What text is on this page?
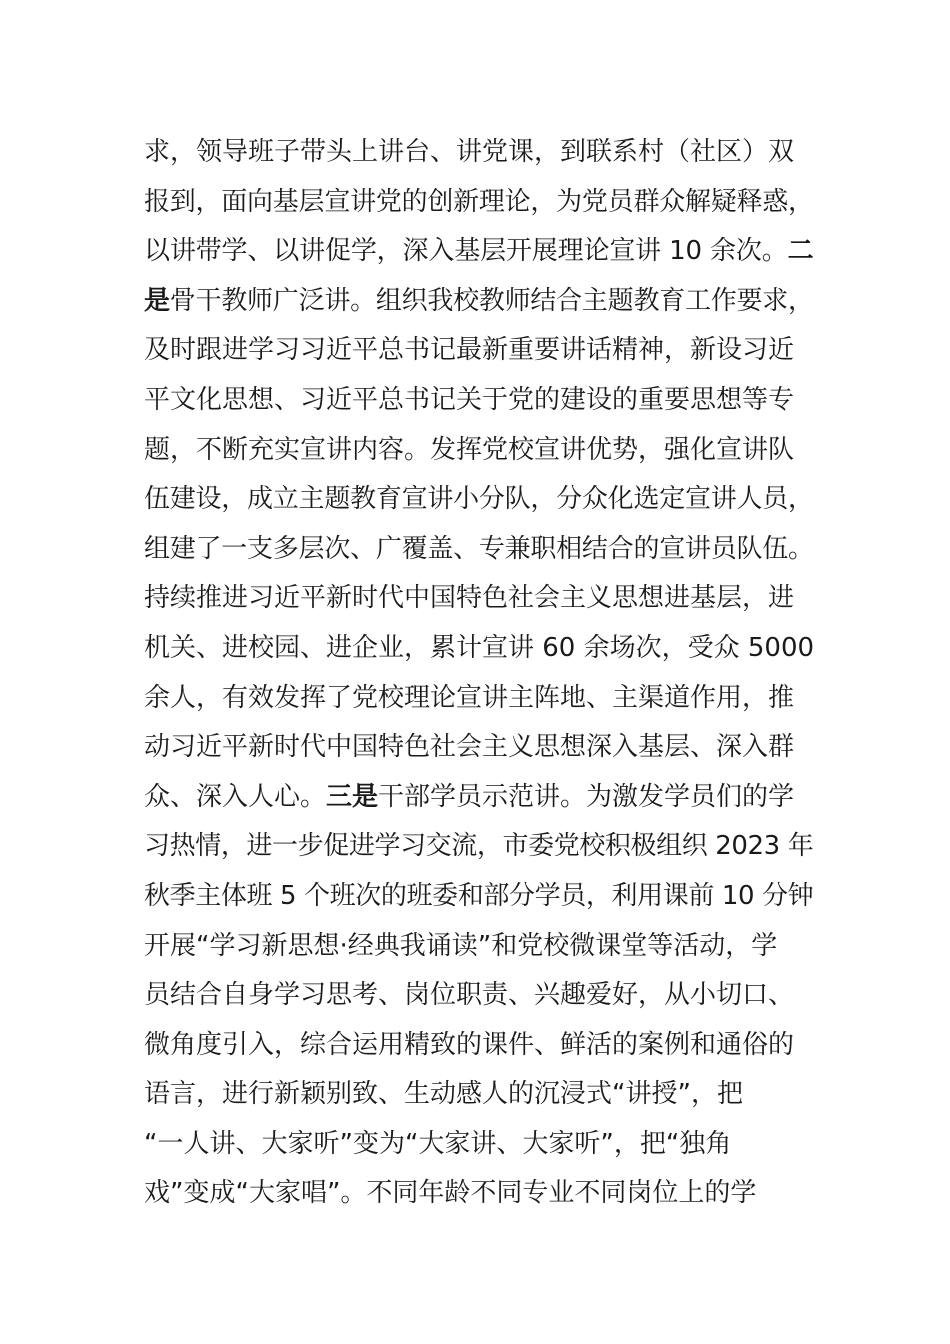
求，领导班子带头上讲台、讲党课，到联系村（社区）双
报到，面向基层宣讲党的创新理论，为党员群众解疑释惑，
以讲带学、以讲促学，深入基层开展理论宣讲 10 余次。二
是骨干教师广泛讲。组织我校教师结合主题教育工作要求，
及时跟进学习习近平总书记最新重要讲话精神，新设习近
平文化思想、习近平总书记关于党的建设的重要思想等专
题，不断充实宣讲内容。发挥党校宣讲优势，强化宣讲队
伍建设，成立主题教育宣讲小分队，分众化选定宣讲人员，
组建了一支多层次、广覆盖、专兼职相结合的宣讲员队伍。
持续推进习近平新时代中国特色社会主义思想进基层，进
机关、进校园、进企业，累计宣讲 60 余场次，受众 5000
余人，有效发挥了党校理论宣讲主阵地、主渠道作用，推
动习近平新时代中国特色社会主义思想深入基层、深入群
众、深入人心。三是干部学员示范讲。为激发学员们的学
习热情，进一步促进学习交流，市委党校积极组织 2023 年
秋季主体班 5 个班次的班委和部分学员，利用课前 10 分钟
开展“学习新思想·经典我诵读”和党校微课堂等活动，学
员结合自身学习思考、岗位职责、兴趣爱好，从小切口、
微角度引入，综合运用精致的课件、鲜活的案例和通俗的
语言，进行新颖别致、生动感人的沉浸式“讲授”，把
“一人讲、大家听”变为“大家讲、大家听”，把“独角
戏”变成“大家唱”。不同年龄不同专业不同岗位上的学
